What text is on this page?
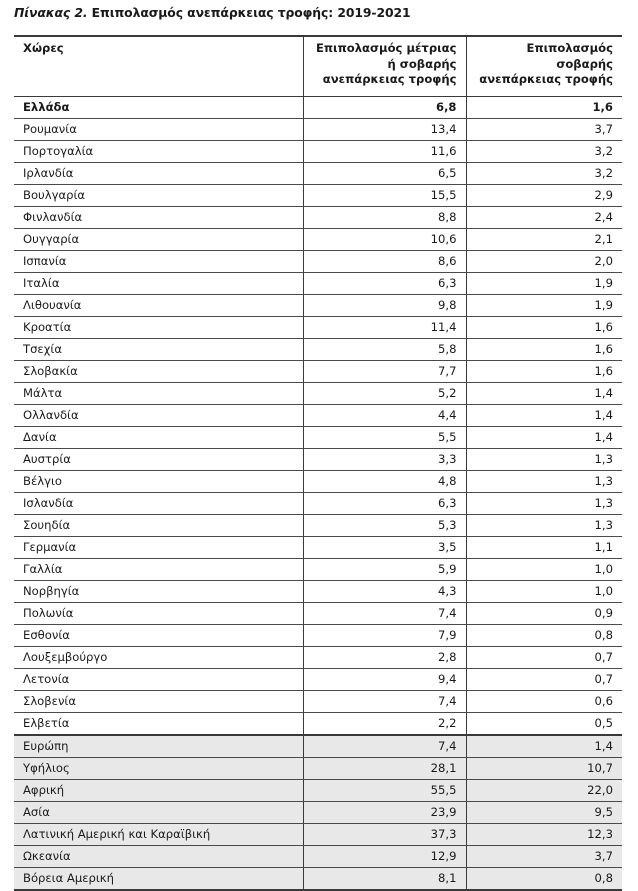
Πίνακας 2. Επιπολασμός ανεπάρκειας τροφής: 2019-2021
Χώρες	Επιπολασμός μέτριας ή σοβαρής ανεπάρκειας τροφής	Επιπολασμός σοβαρής ανεπάρκειας τροφής
Ελλάδα	6,8	1,6
Ρουμανία	13,4	3,7
Πορτογαλία	11,6	3,2
Ιρλανδία	6,5	3,2
Βουλγαρία	15,5	2,9
Φινλανδία	8,8	2,4
Ουγγαρία	10,6	2,1
Ισπανία	8,6	2,0
Ιταλία	6,3	1,9
Λιθουανία	9,8	1,9
Κροατία	11,4	1,6
Τσεχία	5,8	1,6
Σλοβακία	7,7	1,6
Μάλτα	5,2	1,4
Ολλανδία	4,4	1,4
Δανία	5,5	1,4
Αυστρία	3,3	1,3
Βέλγιο	4,8	1,3
Ισλανδία	6,3	1,3
Σουηδία	5,3	1,3
Γερμανία	3,5	1,1
Γαλλία	5,9	1,0
Νορβηγία	4,3	1,0
Πολωνία	7,4	0,9
Εσθονία	7,9	0,8
Λουξεμβούργο	2,8	0,7
Λετονία	9,4	0,7
Σλοβενία	7,4	0,6
Ελβετία	2,2	0,5
Ευρώπη	7,4	1,4
Υφήλιος	28,1	10,7
Αφρική	55,5	22,0
Ασία	23,9	9,5
Λατινική Αμερική και Καραϊβική	37,3	12,3
Ωκεανία	12,9	3,7
Βόρεια Αμερική	8,1	0,8
